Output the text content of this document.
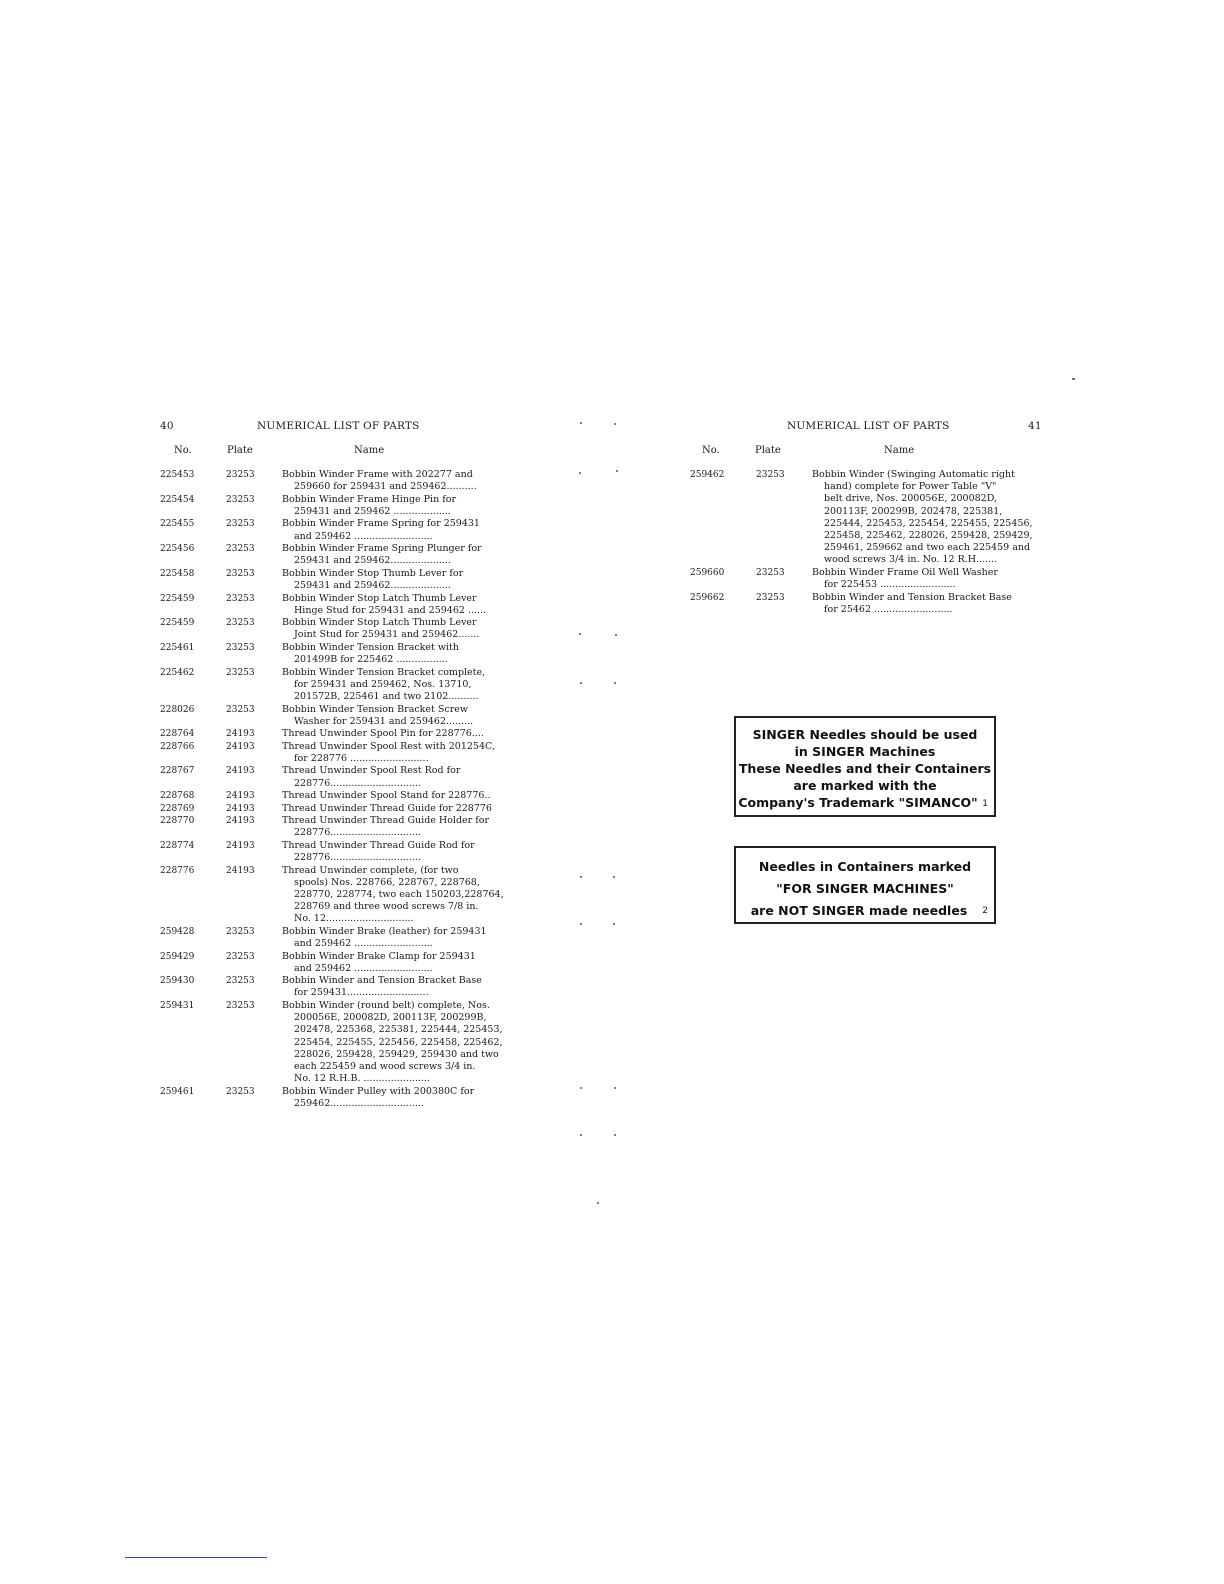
40	NUMERICAL LIST OF PARTS
No.	Plate	Name
225453	23253	Bobbin Winder Frame with 202277 and
259660 for 259431 and 259462..........
225454	23253	Bobbin Winder Frame Hinge Pin for
259431 and 259462 ...................
225455	23253	Bobbin Winder Frame Spring for 259431
and 259462 ..........................
225456	23253	Bobbin Winder Frame Spring Plunger for
259431 and 259462....................
225458	23253	Bobbin Winder Stop Thumb Lever for
259431 and 259462....................
225459	23253	Bobbin Winder Stop Latch Thumb Lever
Hinge Stud for 259431 and 259462 ......
225459	23253	Bobbin Winder Stop Latch Thumb Lever
Joint Stud for 259431 and 259462.......
225461	23253	Bobbin Winder Tension Bracket with
201499B for 225462 .................
225462	23253	Bobbin Winder Tension Bracket complete,
for 259431 and 259462, Nos. 13710,
201572B, 225461 and two 2102..........
228026	23253	Bobbin Winder Tension Bracket Screw
Washer for 259431 and 259462.........
228764	24193	Thread Unwinder Spool Pin for 228776....
228766	24193	Thread Unwinder Spool Rest with 201254C,
for 228776 ..........................
228767	24193	Thread Unwinder Spool Rest Rod for
228776..............................
228768	24193	Thread Unwinder Spool Stand for 228776..
228769	24193	Thread Unwinder Thread Guide for 228776
228770	24193	Thread Unwinder Thread Guide Holder for
228776..............................
228774	24193	Thread Unwinder Thread Guide Rod for
228776..............................
228776	24193	Thread Unwinder complete, (for two
spools) Nos. 228766, 228767, 228768,
228770, 228774, two each 150203,228764,
228769 and three wood screws 7/8 in.
No. 12.............................
259428	23253	Bobbin Winder Brake (leather) for 259431
and 259462 ..........................
259429	23253	Bobbin Winder Brake Clamp for 259431
and 259462 ..........................
259430	23253	Bobbin Winder and Tension Bracket Base
for 259431...........................
259431	23253	Bobbin Winder (round belt) complete, Nos.
200056E, 200082D, 200113F, 200299B,
202478, 225368, 225381, 225444, 225453,
225454, 225455, 225456, 225458, 225462,
228026, 259428, 259429, 259430 and two
each 225459 and wood screws 3/4 in.
No. 12 R.H.B. ......................
259461	23253	Bobbin Winder Pulley with 200380C for
259462...............................
NUMERICAL LIST OF PARTS	41
No.	Plate	Name
259462	23253	Bobbin Winder (Swinging Automatic right
hand) complete for Power Table "V"
belt drive, Nos. 200056E, 200082D,
200113F, 200299B, 202478, 225381,
225444, 225453, 225454, 225455, 225456,
225458, 225462, 228026, 259428, 259429,
259461, 259662 and two each 225459 and
wood screws 3/4 in. No. 12 R.H.......
259660	23253	Bobbin Winder Frame Oil Well Washer
for 225453 .........................
259662	23253	Bobbin Winder and Tension Bracket Base
for 25462 ..........................
SINGER Needles should be used
in SINGER Machines
These Needles and their Containers
are marked with the
Company's Trademark "SIMANCO" 1
Needles in Containers marked
"FOR SINGER MACHINES"
are NOT SINGER made needles	2
